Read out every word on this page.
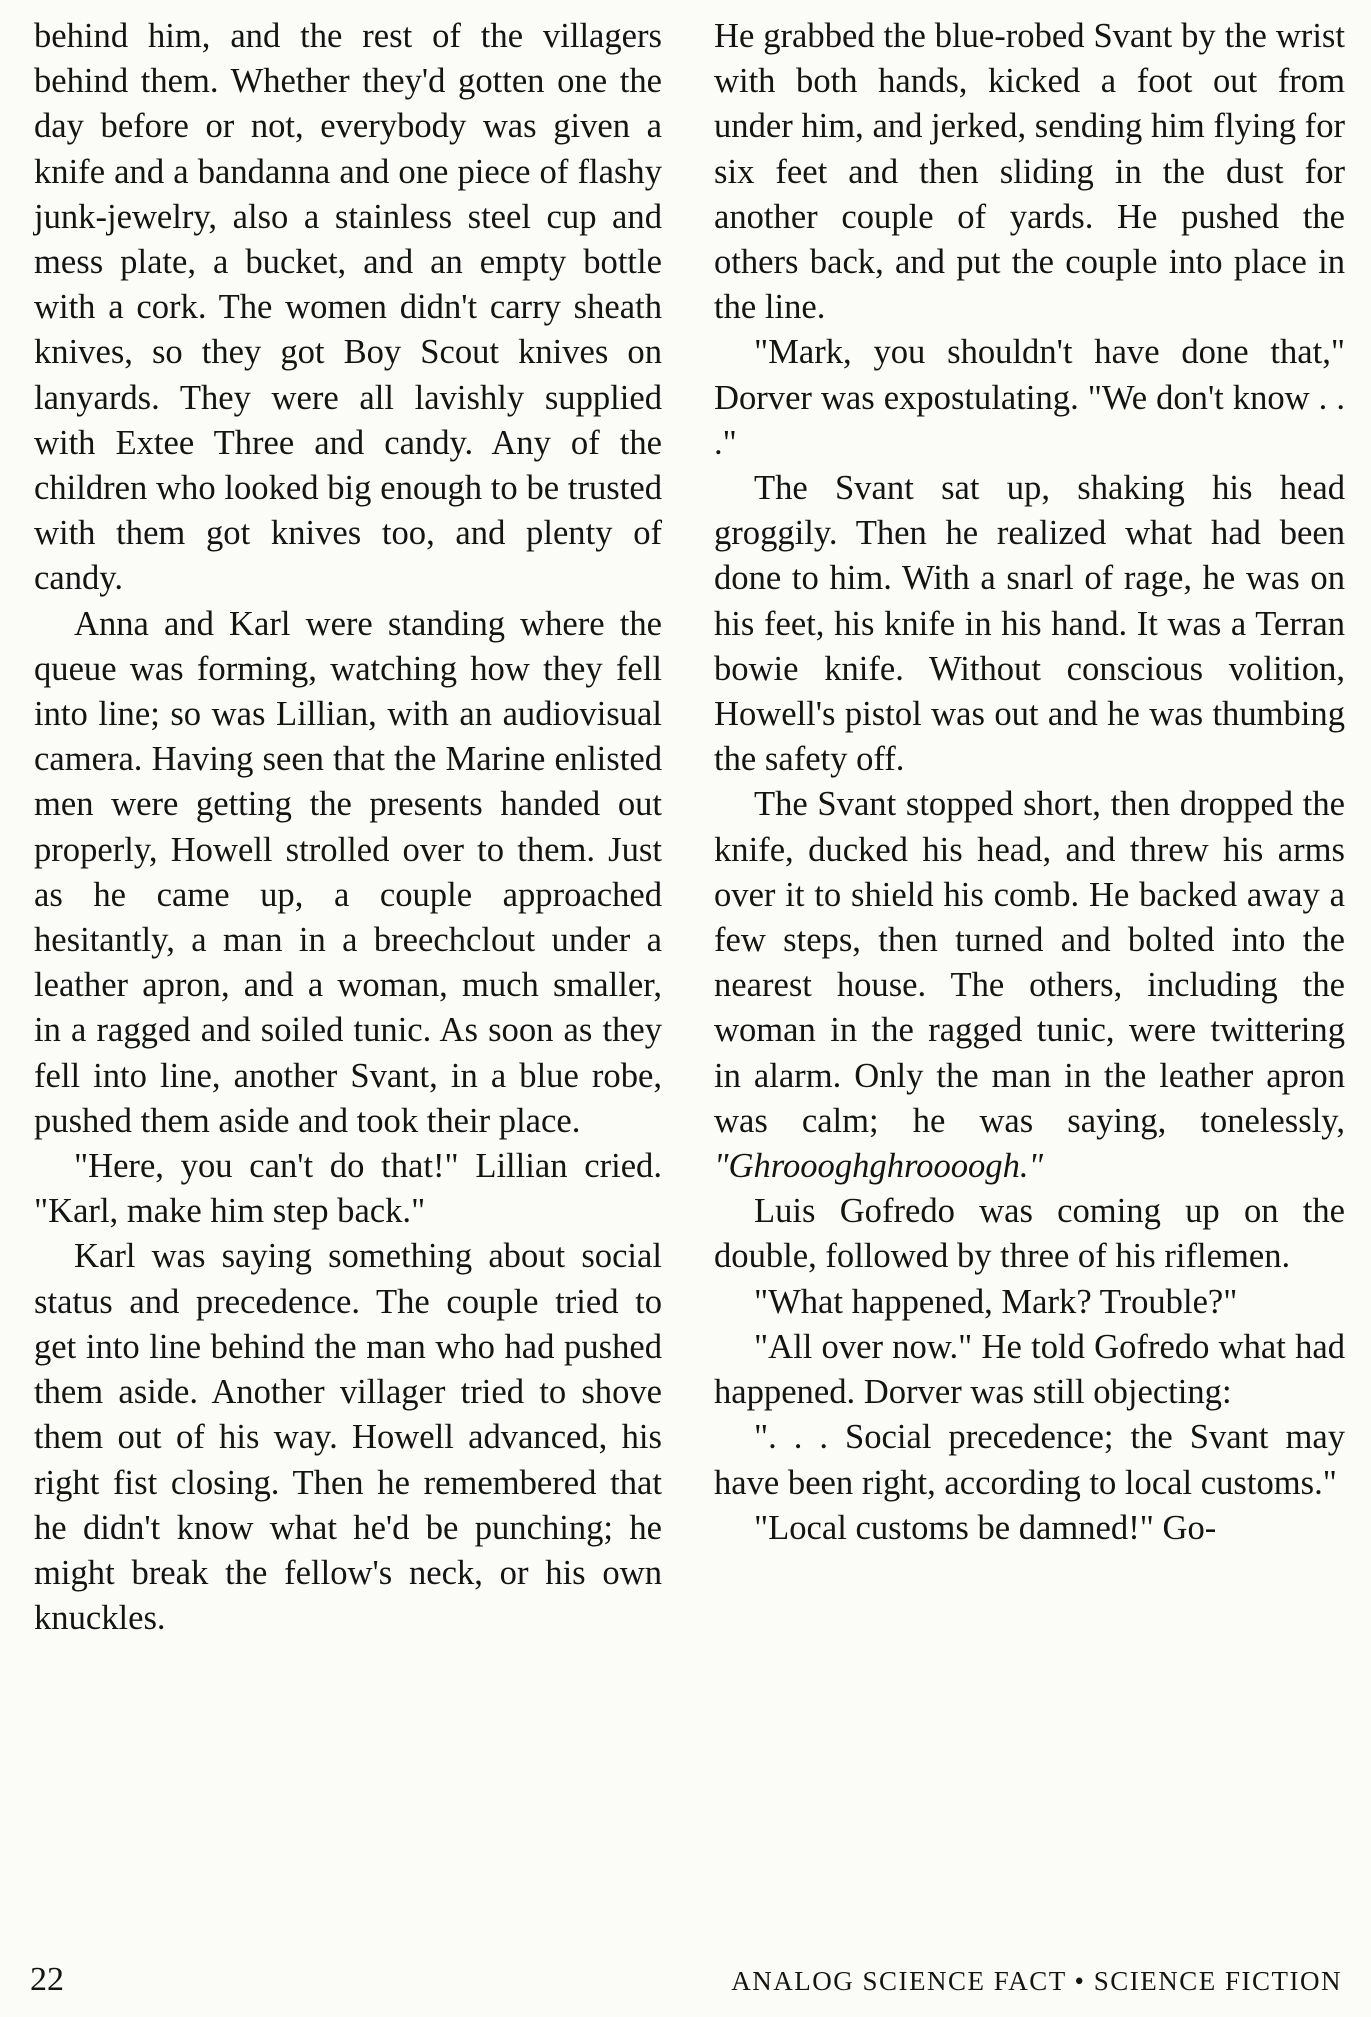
behind him, and the rest of the villagers behind them. Whether they'd gotten one the day before or not, everybody was given a knife and a bandanna and one piece of flashy junk-jewelry, also a stainless steel cup and mess plate, a bucket, and an empty bottle with a cork. The women didn't carry sheath knives, so they got Boy Scout knives on lanyards. They were all lavishly supplied with Extee Three and candy. Any of the children who looked big enough to be trusted with them got knives too, and plenty of candy.

Anna and Karl were standing where the queue was forming, watching how they fell into line; so was Lillian, with an audiovisual camera. Having seen that the Marine enlisted men were getting the presents handed out properly, Howell strolled over to them. Just as he came up, a couple approached hesitantly, a man in a breechclout under a leather apron, and a woman, much smaller, in a ragged and soiled tunic. As soon as they fell into line, another Svant, in a blue robe, pushed them aside and took their place.

"Here, you can't do that!" Lillian cried. "Karl, make him step back."

Karl was saying something about social status and precedence. The couple tried to get into line behind the man who had pushed them aside. Another villager tried to shove them out of his way. Howell advanced, his right fist closing. Then he remembered that he didn't know what he'd be punching; he might break the fellow's neck, or his own knuckles.

He grabbed the blue-robed Svant by the wrist with both hands, kicked a foot out from under him, and jerked, sending him flying for six feet and then sliding in the dust for another couple of yards. He pushed the others back, and put the couple into place in the line.

"Mark, you shouldn't have done that," Dorver was expostulating. "We don't know . . ."

The Svant sat up, shaking his head groggily. Then he realized what had been done to him. With a snarl of rage, he was on his feet, his knife in his hand. It was a Terran bowie knife. Without conscious volition, Howell's pistol was out and he was thumbing the safety off.

The Svant stopped short, then dropped the knife, ducked his head, and threw his arms over it to shield his comb. He backed away a few steps, then turned and bolted into the nearest house. The others, including the woman in the ragged tunic, were twittering in alarm. Only the man in the leather apron was calm; he was saying, tonelessly, "Ghroooghghroooogh."

Luis Gofredo was coming up on the double, followed by three of his riflemen.

"What happened, Mark? Trouble?"

"All over now." He told Gofredo what had happened. Dorver was still objecting:

". . . Social precedence; the Svant may have been right, according to local customs."

"Local customs be damned!" Go-

22	ANALOG SCIENCE FACT • SCIENCE FICTION
